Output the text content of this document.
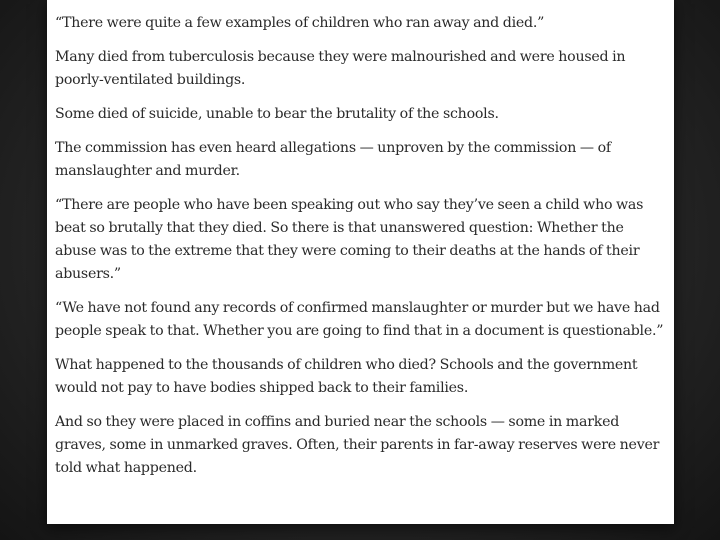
“There were quite a few examples of children who ran away and died.”

Many died from tuberculosis because they were malnourished and were housed in poorly-ventilated buildings.

Some died of suicide, unable to bear the brutality of the schools.

The commission has even heard allegations — unproven by the commission — of manslaughter and murder.

“There are people who have been speaking out who say they’ve seen a child who was beat so brutally that they died. So there is that unanswered question: Whether the abuse was to the extreme that they were coming to their deaths at the hands of their abusers.”

“We have not found any records of confirmed manslaughter or murder but we have had people speak to that. Whether you are going to find that in a document is questionable.”

What happened to the thousands of children who died? Schools and the government would not pay to have bodies shipped back to their families.

And so they were placed in coffins and buried near the schools — some in marked graves, some in unmarked graves. Often, their parents in far-away reserves were never told what happened.
